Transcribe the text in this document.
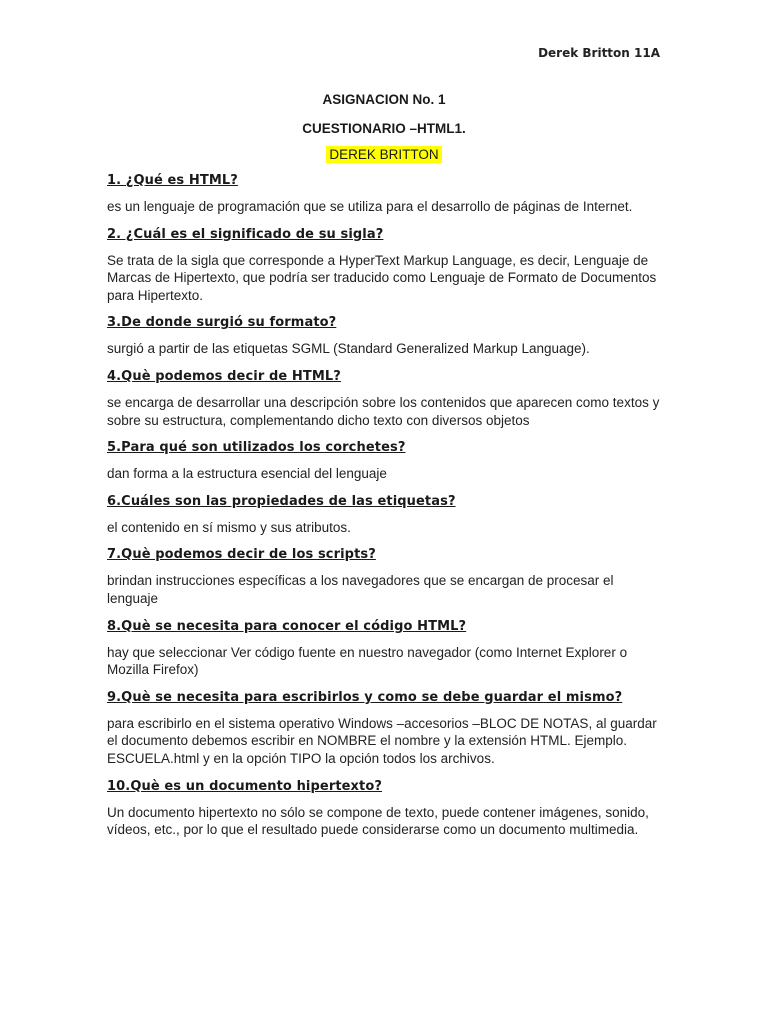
Derek Britton 11A
ASIGNACION No. 1
CUESTIONARIO –HTML1.
DEREK BRITTON
1. ¿Qué es HTML?
es un lenguaje de programación que se utiliza para el desarrollo de páginas de Internet.
2. ¿Cuál es el significado de su sigla?
Se trata de la sigla que corresponde a HyperText Markup Language, es decir, Lenguaje de Marcas de Hipertexto, que podría ser traducido como Lenguaje de Formato de Documentos para Hipertexto.
3.De donde surgió su formato?
surgió a partir de las etiquetas SGML (Standard Generalized Markup Language).
4.Què podemos decir de HTML?
se encarga de desarrollar una descripción sobre los contenidos que aparecen como textos y sobre su estructura, complementando dicho texto con diversos objetos
5.Para qué son utilizados los corchetes?
dan forma a la estructura esencial del lenguaje
6.Cuáles son las propiedades de las etiquetas?
el contenido en sí mismo y sus atributos.
7.Què podemos decir de los scripts?
brindan instrucciones específicas a los navegadores que se encargan de procesar el lenguaje
8.Què se necesita para conocer el código HTML?
hay que seleccionar Ver código fuente en nuestro navegador (como Internet Explorer o Mozilla Firefox)
9.Què se necesita para escribirlos y como se debe guardar el mismo?
para escribirlo en el sistema operativo Windows –accesorios –BLOC DE NOTAS, al guardar el documento debemos escribir en NOMBRE el nombre y la extensión HTML. Ejemplo. ESCUELA.html y en la opción TIPO la opción todos los archivos.
10.Què es un documento hipertexto?
Un documento hipertexto no sólo se compone de texto, puede contener imágenes, sonido, vídeos, etc., por lo que el resultado puede considerarse como un documento multimedia.
